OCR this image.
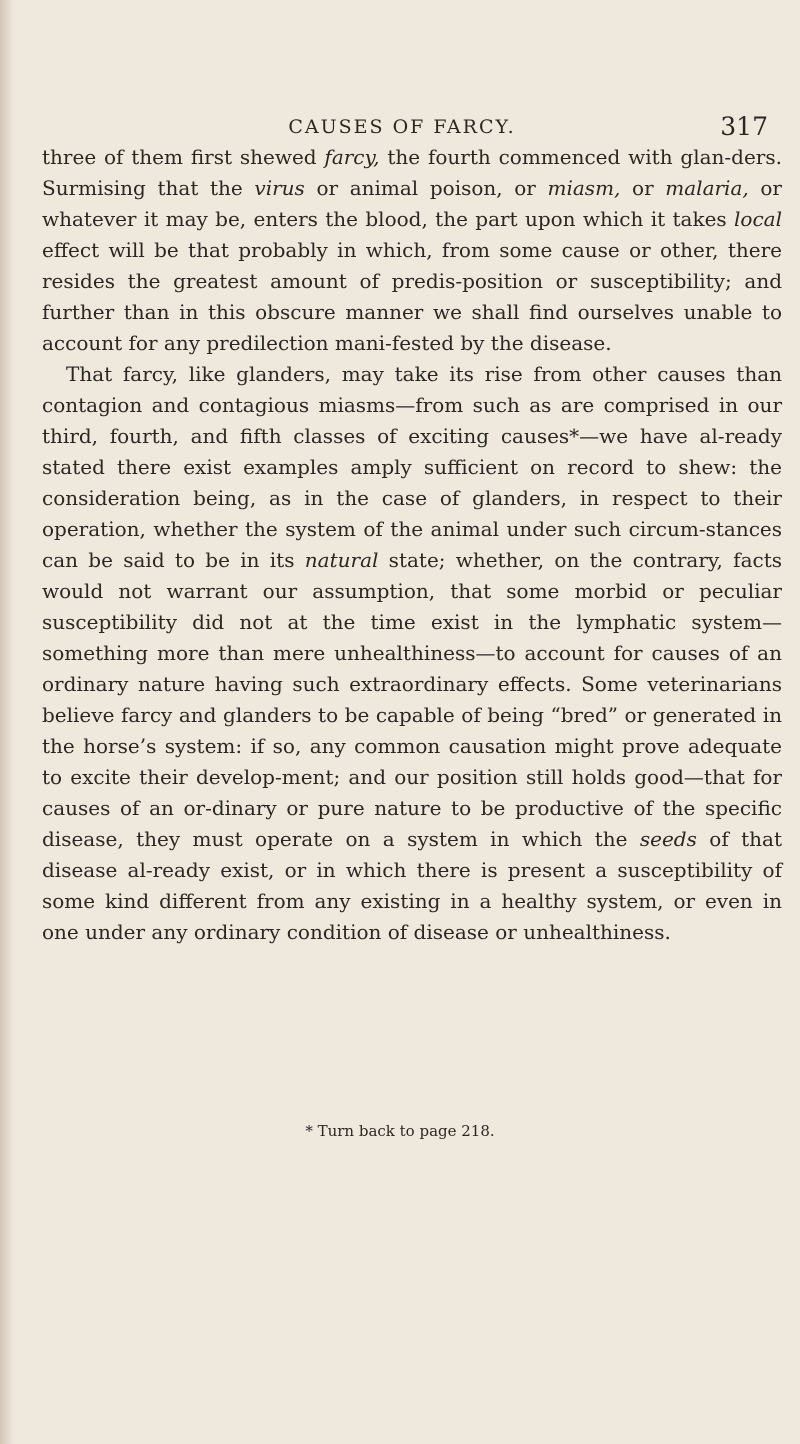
CAUSES OF FARCY.	317

three of them first shewed farcy, the fourth commenced with glan-ders. Surmising that the virus or animal poison, or miasm, or malaria, or whatever it may be, enters the blood, the part upon which it takes local effect will be that probably in which, from some cause or other, there resides the greatest amount of predis-position or susceptibility; and further than in this obscure manner we shall find ourselves unable to account for any predilection mani-fested by the disease.

That farcy, like glanders, may take its rise from other causes than contagion and contagious miasms—from such as are comprised in our third, fourth, and fifth classes of exciting causes*—we have al-ready stated there exist examples amply sufficient on record to shew: the consideration being, as in the case of glanders, in respect to their operation, whether the system of the animal under such circum-stances can be said to be in its natural state; whether, on the contrary, facts would not warrant our assumption, that some morbid or peculiar susceptibility did not at the time exist in the lymphatic system—something more than mere unhealthiness—to account for causes of an ordinary nature having such extraordinary effects. Some veterinarians believe farcy and glanders to be capable of being “bred” or generated in the horse’s system: if so, any common causation might prove adequate to excite their develop-ment; and our position still holds good—that for causes of an or-dinary or pure nature to be productive of the specific disease, they must operate on a system in which the seeds of that disease al-ready exist, or in which there is present a susceptibility of some kind different from any existing in a healthy system, or even in one under any ordinary condition of disease or unhealthiness.

* Turn back to page 218.
